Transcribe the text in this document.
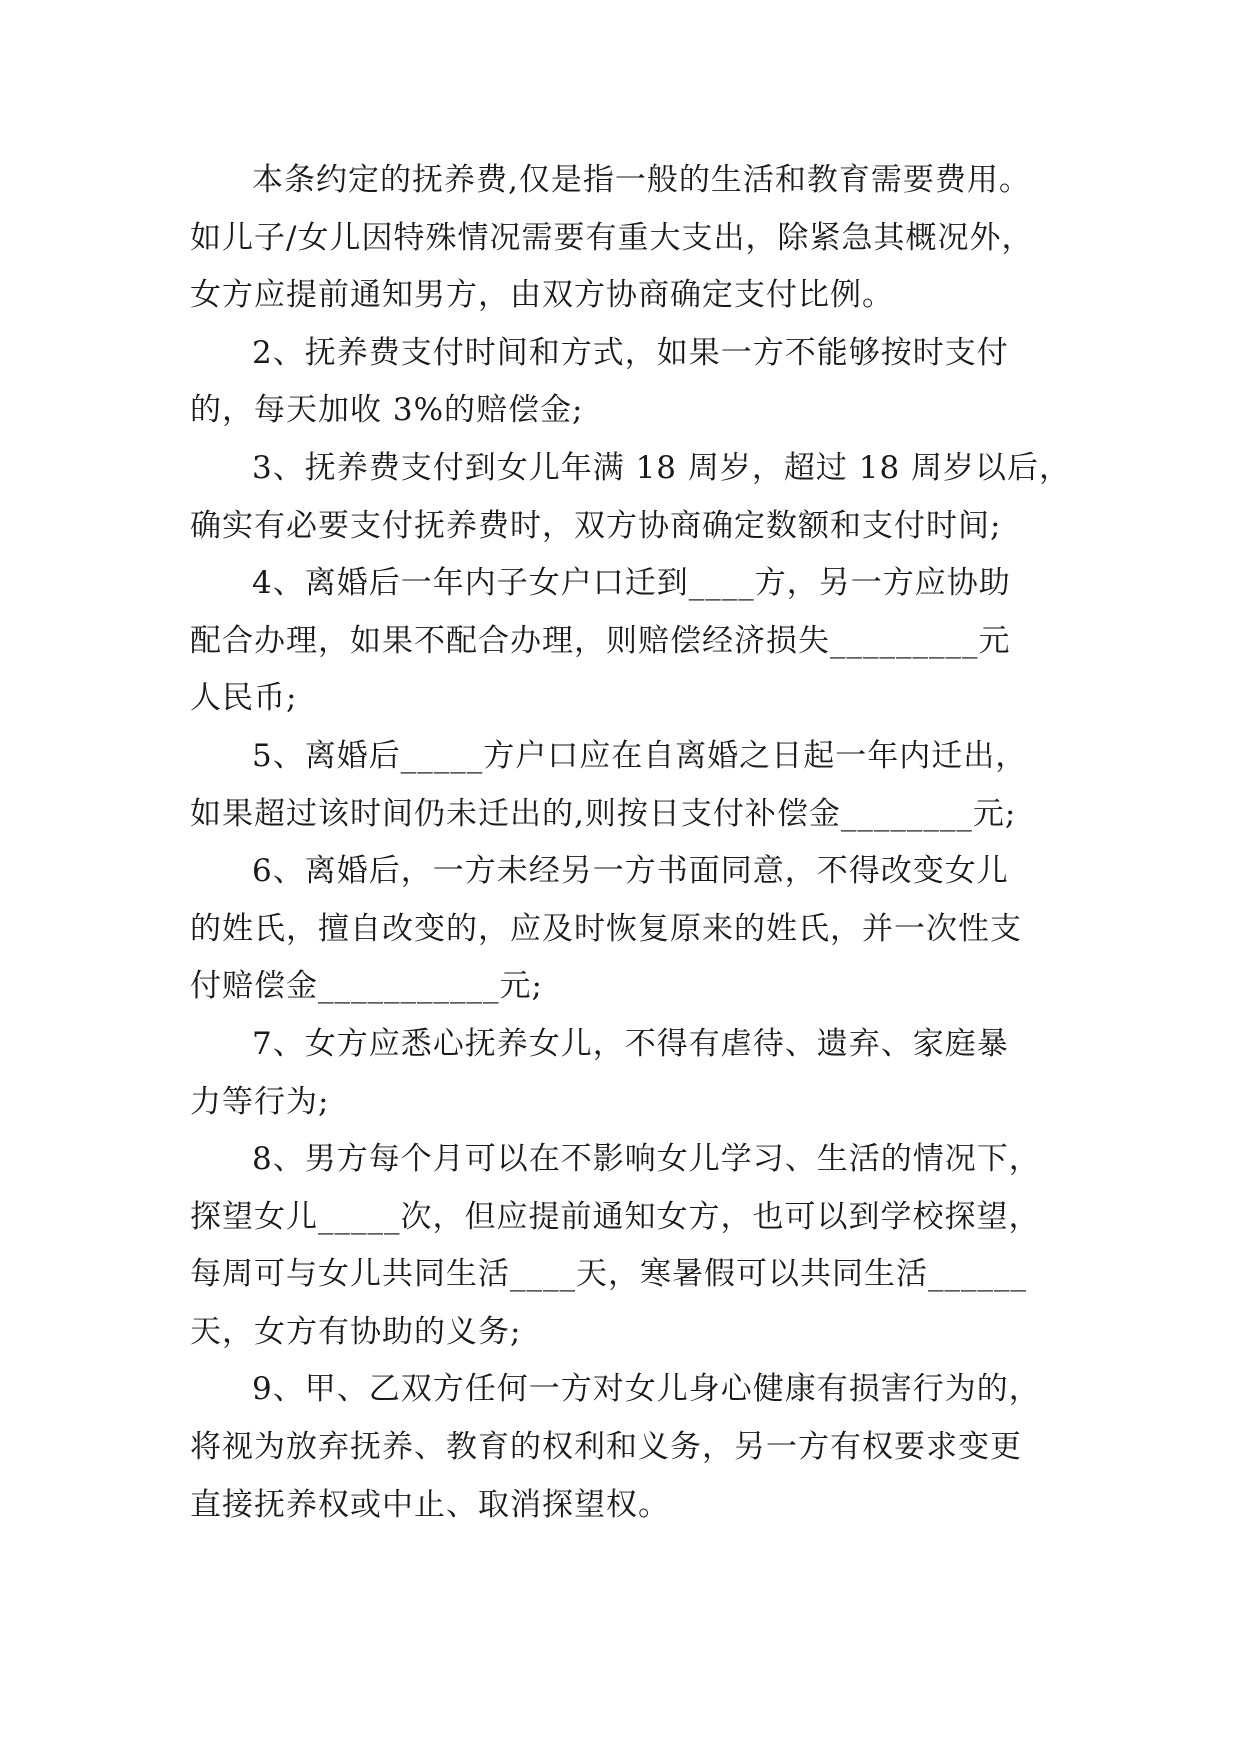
本条约定的抚养费,仅是指一般的生活和教育需要费用。
如儿子/女儿因特殊情况需要有重大支出，除紧急其概况外，
女方应提前通知男方，由双方协商确定支付比例。
2、抚养费支付时间和方式，如果一方不能够按时支付
的，每天加收 3%的赔偿金;
3、抚养费支付到女儿年满 18 周岁，超过 18 周岁以后，
确实有必要支付抚养费时，双方协商确定数额和支付时间;
4、离婚后一年内子女户口迁到____方，另一方应协助
配合办理，如果不配合办理，则赔偿经济损失_________元
人民币;
5、离婚后_____方户口应在自离婚之日起一年内迁出，
如果超过该时间仍未迁出的,则按日支付补偿金________元;
6、离婚后，一方未经另一方书面同意，不得改变女儿
的姓氏，擅自改变的，应及时恢复原来的姓氏，并一次性支
付赔偿金___________元;
7、女方应悉心抚养女儿，不得有虐待、遗弃、家庭暴
力等行为;
8、男方每个月可以在不影响女儿学习、生活的情况下，
探望女儿_____次，但应提前通知女方，也可以到学校探望，
每周可与女儿共同生活____天，寒暑假可以共同生活______
天，女方有协助的义务;
9、甲、乙双方任何一方对女儿身心健康有损害行为的，
将视为放弃抚养、教育的权利和义务，另一方有权要求变更
直接抚养权或中止、取消探望权。
